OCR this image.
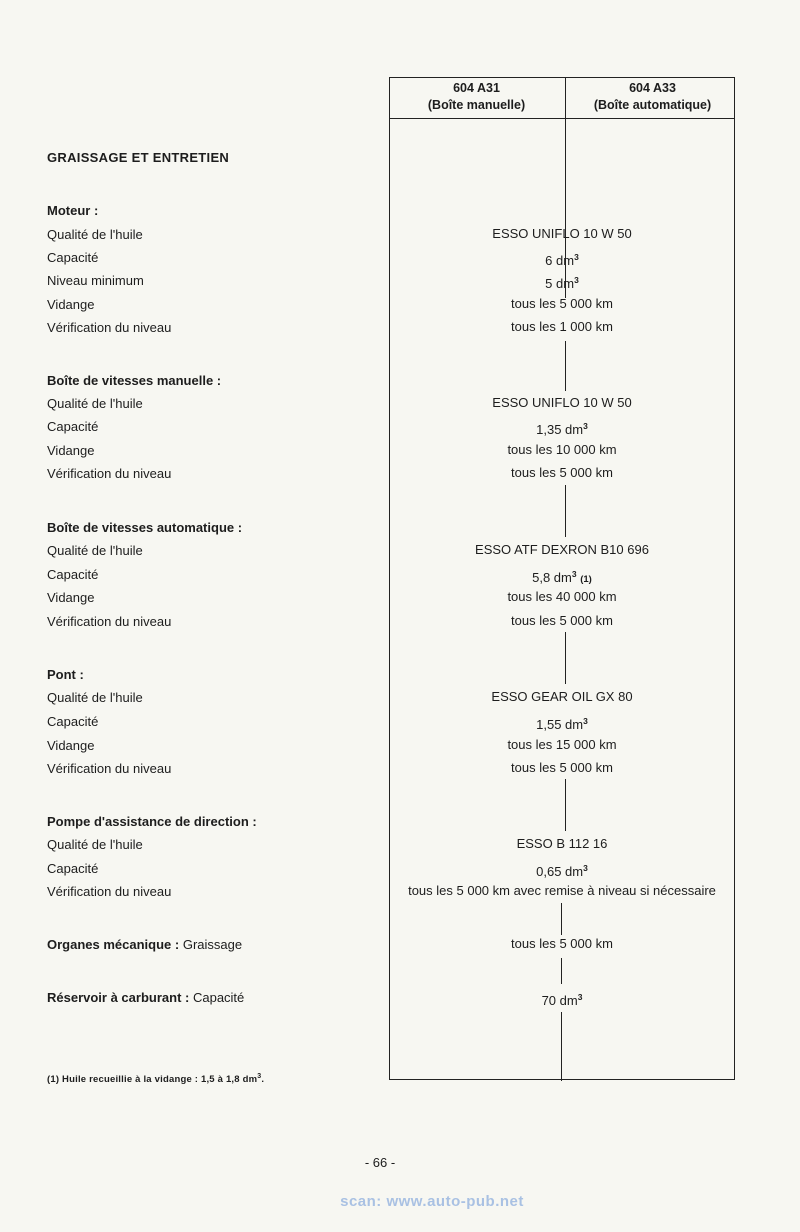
604 A31
(Boîte manuelle)
604 A33
(Boîte automatique)
GRAISSAGE ET ENTRETIEN
Moteur :
Qualité de l'huile	ESSO UNIFLO 10 W 50
Capacité	6 $dm^3$
Niveau minimum	5 $dm^3$
Vidange	tous les 5 000 km
Vérification du niveau	tous les 1 000 km
Boîte de vitesses manuelle :
Qualité de l'huile	ESSO UNIFLO 10 W 50
Capacité	1,35 $dm^3$
Vidange	tous les 10 000 km
Vérification du niveau	tous les 5 000 km
Boîte de vitesses automatique :
Qualité de l'huile	ESSO ATF DEXRON B10 696
Capacité	5,8 $dm^3$ (1)
Vidange	tous les 40 000 km
Vérification du niveau	tous les 5 000 km
Pont :
Qualité de l'huile	ESSO GEAR OIL GX 80
Capacité	1,55 $dm^3$
Vidange	tous les 15 000 km
Vérification du niveau	tous les 5 000 km
Pompe d'assistance de direction :
Qualité de l'huile	ESSO B 112 16
Capacité	0,65 $dm^3$
Vérification du niveau	tous les 5 000 km avec remise à niveau si nécessaire
Organes mécanique : Graissage	tous les 5 000 km
Réservoir à carburant : Capacité	70 $dm^3$
(1) Huile recueillie à la vidange : 1,5 à 1,8 $dm^3$.
- 66 -
scan: www.auto-pub.net
